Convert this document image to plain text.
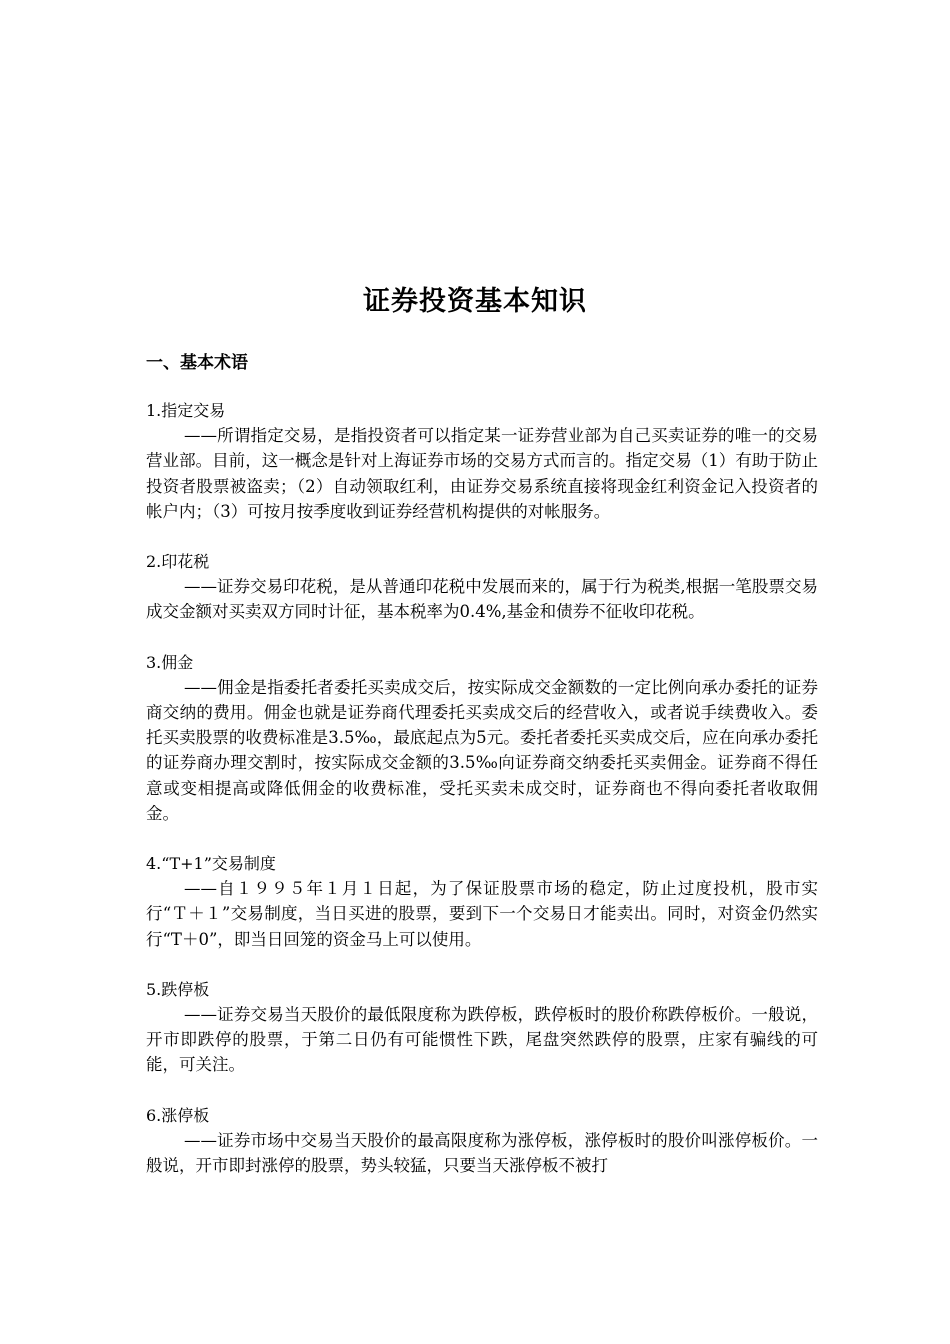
证券投资基本知识
一、基本术语
1.指定交易

——所谓指定交易，是指投资者可以指定某一证券营业部为自己买卖证券的唯一的交易营业部。目前，这一概念是针对上海证券市场的交易方式而言的。指定交易（1）有助于防止投资者股票被盗卖；（2）自动领取红利，由证券交易系统直接将现金红利资金记入投资者的帐户内；（3）可按月按季度收到证券经营机构提供的对帐服务。

2.印花税

——证券交易印花税，是从普通印花税中发展而来的，属于行为税类,根据一笔股票交易成交金额对买卖双方同时计征，基本税率为0.4%,基金和债券不征收印花税。

3.佣金

——佣金是指委托者委托买卖成交后，按实际成交金额数的一定比例向承办委托的证券商交纳的费用。佣金也就是证券商代理委托买卖成交后的经营收入，或者说手续费收入。委托买卖股票的收费标准是3.5‰，最底起点为5元。委托者委托买卖成交后，应在向承办委托的证券商办理交割时，按实际成交金额的3.5‰向证券商交纳委托买卖佣金。证券商不得任意或变相提高或降低佣金的收费标准，受托买卖未成交时，证券商也不得向委托者收取佣金。

4.“T+1”交易制度

——自１９９５年１月１日起，为了保证股票市场的稳定，防止过度投机，股市实行“Ｔ＋１”交易制度，当日买进的股票，要到下一个交易日才能卖出。同时，对资金仍然实行“T＋0”，即当日回笼的资金马上可以使用。

5.跌停板

——证券交易当天股价的最低限度称为跌停板，跌停板时的股价称跌停板价。一般说，开市即跌停的股票，于第二日仍有可能惯性下跌，尾盘突然跌停的股票，庄家有骗线的可能，可关注。

6.涨停板

——证券市场中交易当天股价的最高限度称为涨停板，涨停板时的股价叫涨停板价。一般说，开市即封涨停的股票，势头较猛，只要当天涨停板不被打
